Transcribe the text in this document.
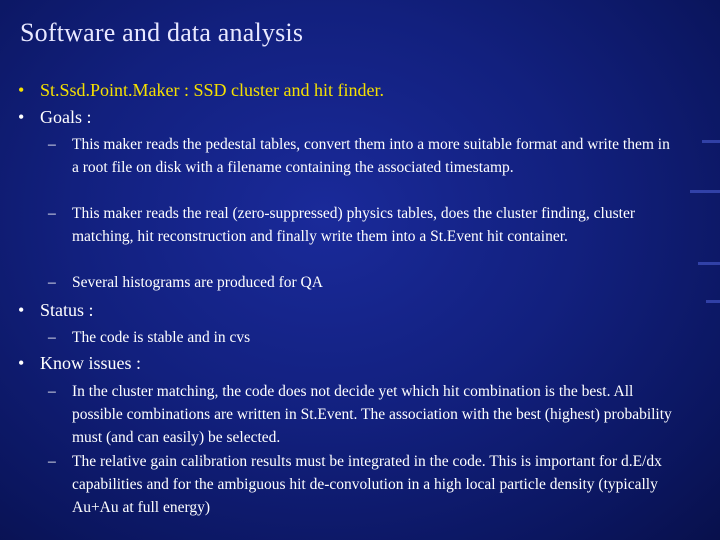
Software and data analysis
• St.Ssd.Point.Maker : SSD cluster and hit finder.
• Goals :
–	This maker reads the pedestal tables, convert them into a more suitable format and write them in a root file on disk with a filename containing the associated timestamp.
–	This maker reads the real (zero-suppressed) physics tables, does the cluster finding, cluster matching, hit reconstruction and finally write them into a St.Event hit container.
–	Several histograms are produced for QA
• Status :
–	The code is stable and in cvs
• Know issues :
–	In the cluster matching, the code does not decide yet which hit combination is the best. All possible combinations are written in St.Event. The association with the best (highest) probability must (and can easily) be selected.
–	The relative gain calibration results must be integrated in the code. This is important for d.E/dx capabilities and for the ambiguous hit de-convolution in a high local particle density (typically Au+Au at full energy)
